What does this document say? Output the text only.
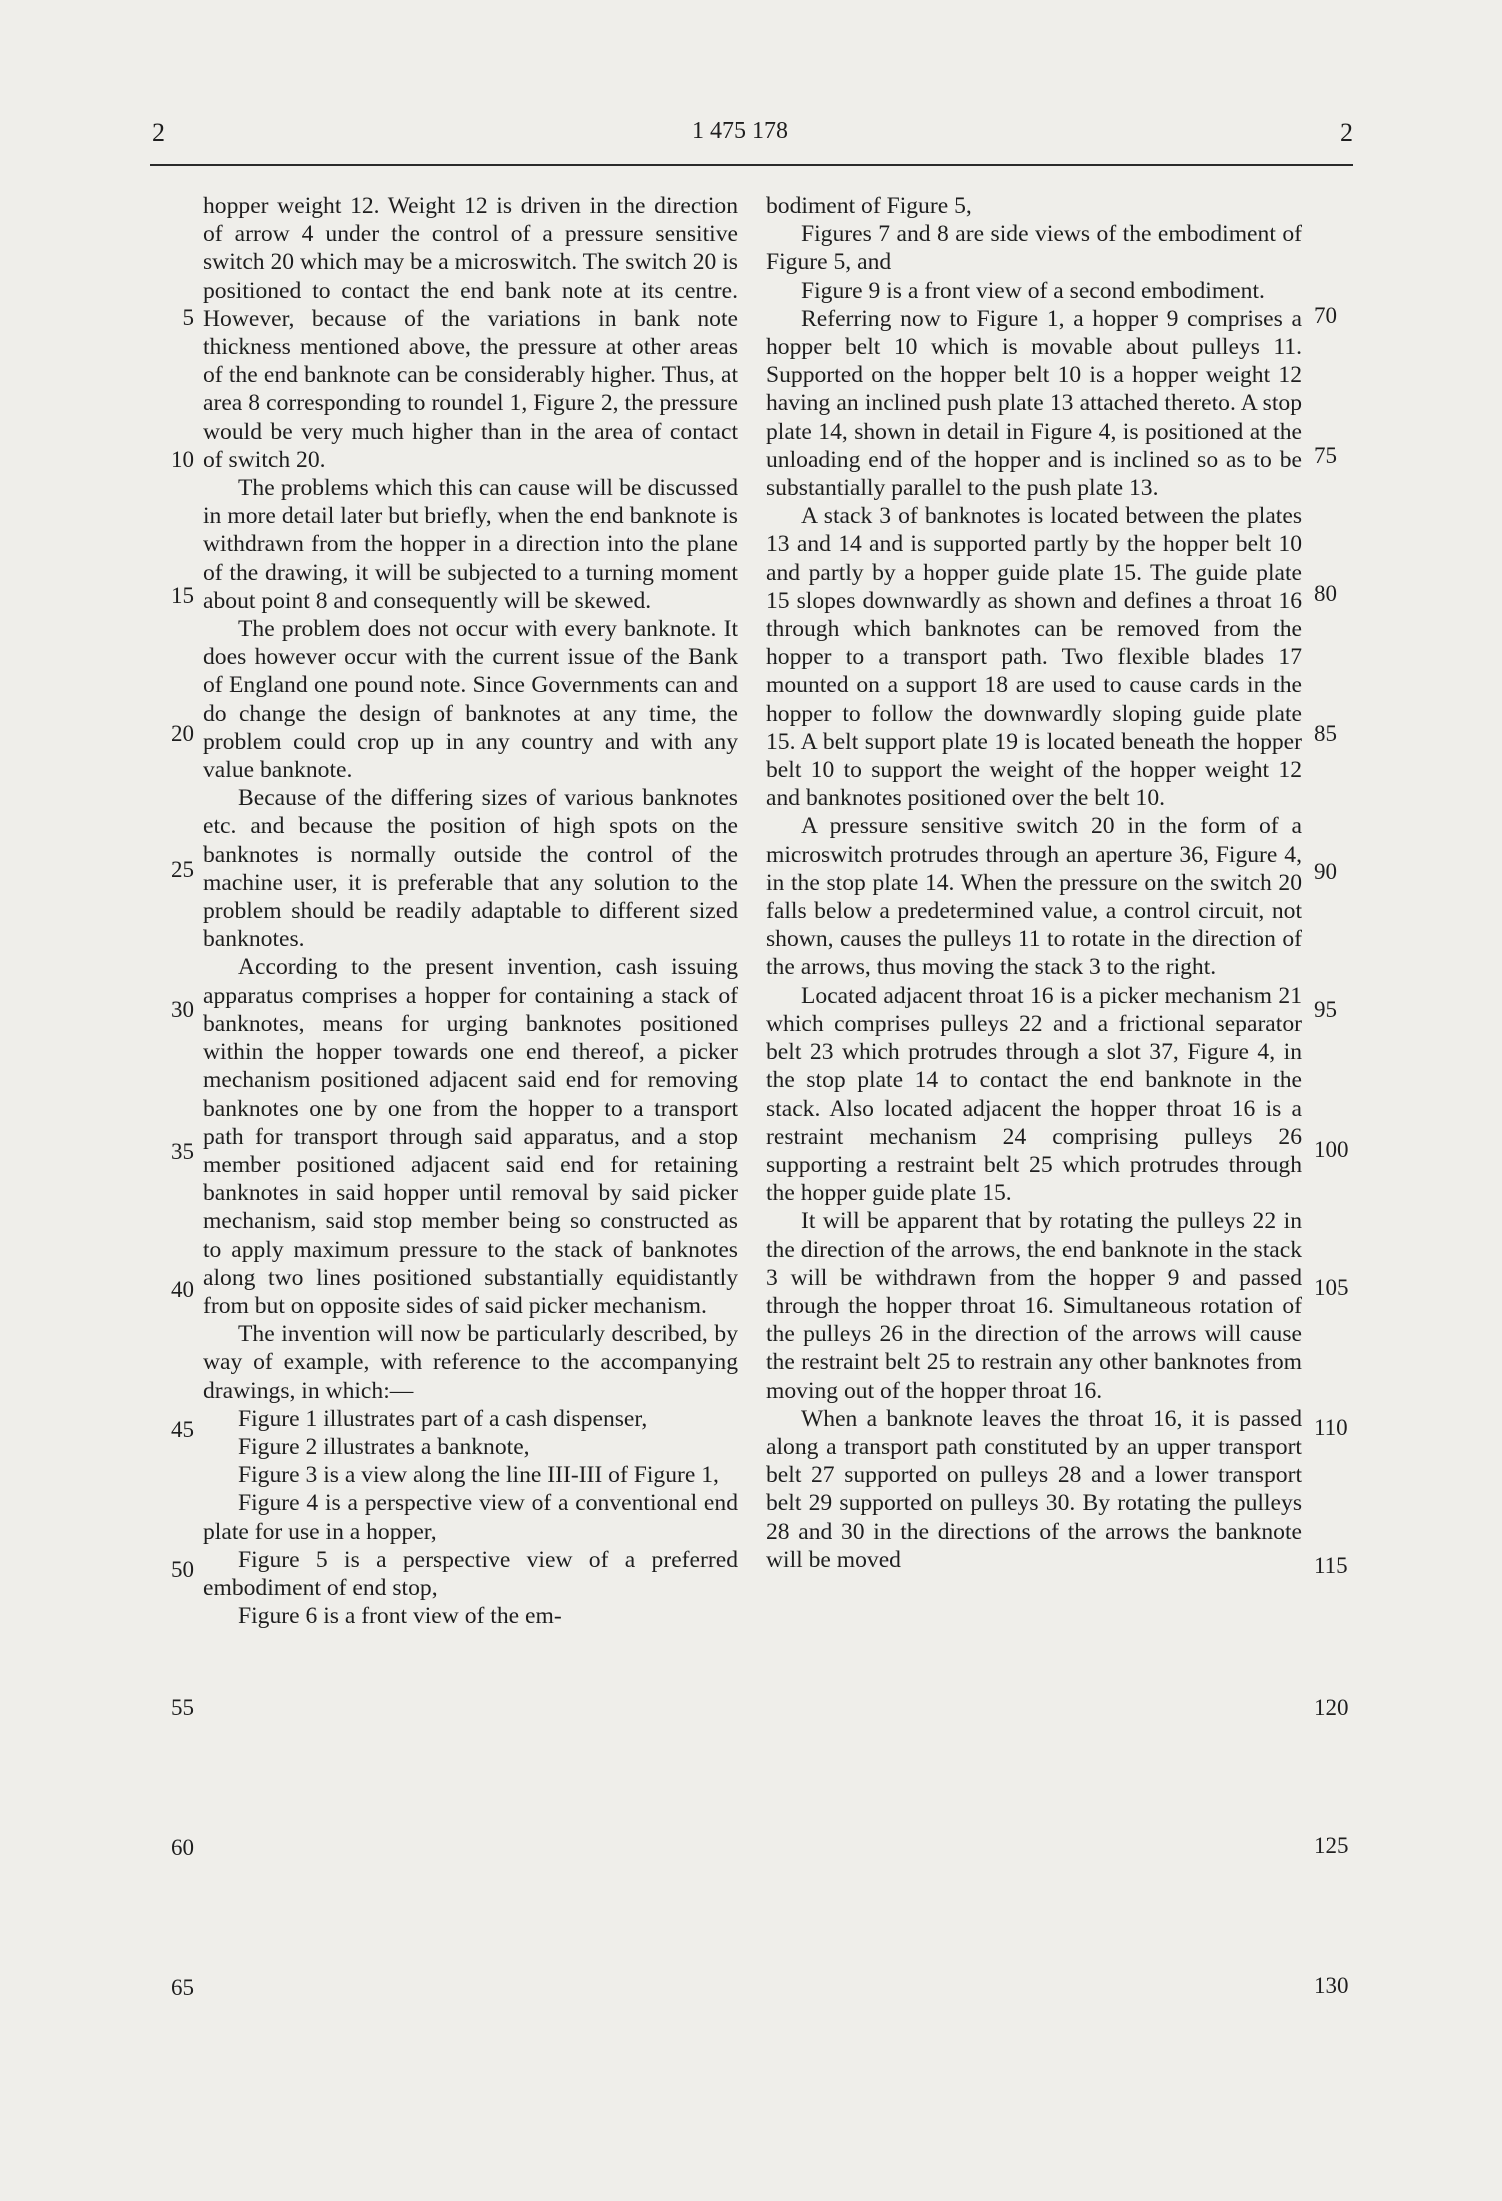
2	1 475 178	2

hopper weight 12. Weight 12 is driven in the direction of arrow 4 under the control of a pressure sensitive switch 20 which may be a microswitch. The switch 20 is positioned to contact the end bank note at its centre. However, because of the variations in bank note thickness mentioned above, the pressure at other areas of the end banknote can be considerably higher. Thus, at area 8 corresponding to roundel 1, Figure 2, the pressure would be very much higher than in the area of contact of switch 20.

The problems which this can cause will be discussed in more detail later but briefly, when the end banknote is withdrawn from the hopper in a direction into the plane of the drawing, it will be subjected to a turning moment about point 8 and consequently will be skewed.

The problem does not occur with every banknote. It does however occur with the current issue of the Bank of England one pound note. Since Governments can and do change the design of banknotes at any time, the problem could crop up in any country and with any value banknote.

Because of the differing sizes of various banknotes etc. and because the position of high spots on the banknotes is normally outside the control of the machine user, it is preferable that any solution to the problem should be readily adaptable to different sized banknotes.

According to the present invention, cash issuing apparatus comprises a hopper for containing a stack of banknotes, means for urging banknotes positioned within the hopper towards one end thereof, a picker mechanism positioned adjacent said end for removing banknotes one by one from the hopper to a transport path for transport through said apparatus, and a stop member positioned adjacent said end for retaining banknotes in said hopper until removal by said picker mechanism, said stop member being so constructed as to apply maximum pressure to the stack of banknotes along two lines positioned substantially equidistantly from but on opposite sides of said picker mechanism.

The invention will now be particularly described, by way of example, with reference to the accompanying drawings, in which:—

Figure 1 illustrates part of a cash dispenser,

Figure 2 illustrates a banknote,

Figure 3 is a view along the line III-III of Figure 1,

Figure 4 is a perspective view of a conventional end plate for use in a hopper,

Figure 5 is a perspective view of a preferred embodiment of end stop,

Figure 6 is a front view of the em-

bodiment of Figure 5,

Figures 7 and 8 are side views of the embodiment of Figure 5, and

Figure 9 is a front view of a second embodiment.

Referring now to Figure 1, a hopper 9 comprises a hopper belt 10 which is movable about pulleys 11. Supported on the hopper belt 10 is a hopper weight 12 having an inclined push plate 13 attached thereto. A stop plate 14, shown in detail in Figure 4, is positioned at the unloading end of the hopper and is inclined so as to be substantially parallel to the push plate 13.

A stack 3 of banknotes is located between the plates 13 and 14 and is supported partly by the hopper belt 10 and partly by a hopper guide plate 15. The guide plate 15 slopes downwardly as shown and defines a throat 16 through which banknotes can be removed from the hopper to a transport path. Two flexible blades 17 mounted on a support 18 are used to cause cards in the hopper to follow the downwardly sloping guide plate 15. A belt support plate 19 is located beneath the hopper belt 10 to support the weight of the hopper weight 12 and banknotes positioned over the belt 10.

A pressure sensitive switch 20 in the form of a microswitch protrudes through an aperture 36, Figure 4, in the stop plate 14. When the pressure on the switch 20 falls below a predetermined value, a control circuit, not shown, causes the pulleys 11 to rotate in the direction of the arrows, thus moving the stack 3 to the right.

Located adjacent throat 16 is a picker mechanism 21 which comprises pulleys 22 and a frictional separator belt 23 which protrudes through a slot 37, Figure 4, in the stop plate 14 to contact the end banknote in the stack. Also located adjacent the hopper throat 16 is a restraint mechanism 24 comprising pulleys 26 supporting a restraint belt 25 which protrudes through the hopper guide plate 15.

It will be apparent that by rotating the pulleys 22 in the direction of the arrows, the end banknote in the stack 3 will be withdrawn from the hopper 9 and passed through the hopper throat 16. Simultaneous rotation of the pulleys 26 in the direction of the arrows will cause the restraint belt 25 to restrain any other banknotes from moving out of the hopper throat 16.

When a banknote leaves the throat 16, it is passed along a transport path constituted by an upper transport belt 27 supported on pulleys 28 and a lower transport belt 29 supported on pulleys 30. By rotating the pulleys 28 and 30 in the directions of the arrows the banknote will be moved

5
10
15
20
25
30
35
40
45
50
55
60
65
70
75
80
85
90
95
100
105
110
115
120
125
130
